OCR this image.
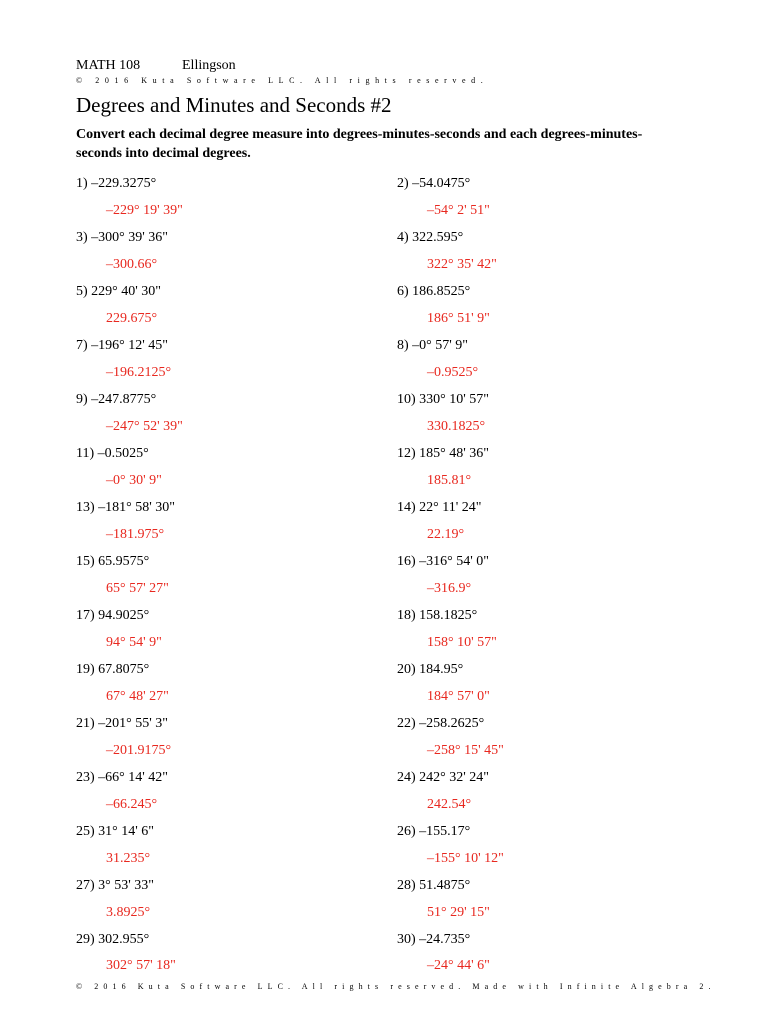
MATH 108	Ellingson
© 2016 Kuta Software LLC. All rights reserved.
Degrees and Minutes and Seconds #2
Convert each decimal degree measure into degrees-minutes-seconds and each degrees-minutes-seconds into decimal degrees.
1) –229.3275°
–229° 19' 39"
2) –54.0475°
–54° 2' 51"
3) –300° 39' 36"
–300.66°
4) 322.595°
322° 35' 42"
5) 229° 40' 30"
229.675°
6) 186.8525°
186° 51' 9"
7) –196° 12' 45"
–196.2125°
8) –0° 57' 9"
–0.9525°
9) –247.8775°
–247° 52' 39"
10) 330° 10' 57"
330.1825°
11) –0.5025°
–0° 30' 9"
12) 185° 48' 36"
185.81°
13) –181° 58' 30"
–181.975°
14) 22° 11' 24"
22.19°
15) 65.9575°
65° 57' 27"
16) –316° 54' 0"
–316.9°
17) 94.9025°
94° 54' 9"
18) 158.1825°
158° 10' 57"
19) 67.8075°
67° 48' 27"
20) 184.95°
184° 57' 0"
21) –201° 55' 3"
–201.9175°
22) –258.2625°
–258° 15' 45"
23) –66° 14' 42"
–66.245°
24) 242° 32' 24"
242.54°
25) 31° 14' 6"
31.235°
26) –155.17°
–155° 10' 12"
27) 3° 53' 33"
3.8925°
28) 51.4875°
51° 29' 15"
29) 302.955°
302° 57' 18"
30) –24.735°
–24° 44' 6"
© 2016 Kuta Software LLC. All rights reserved. Made with Infinite Algebra 2.
